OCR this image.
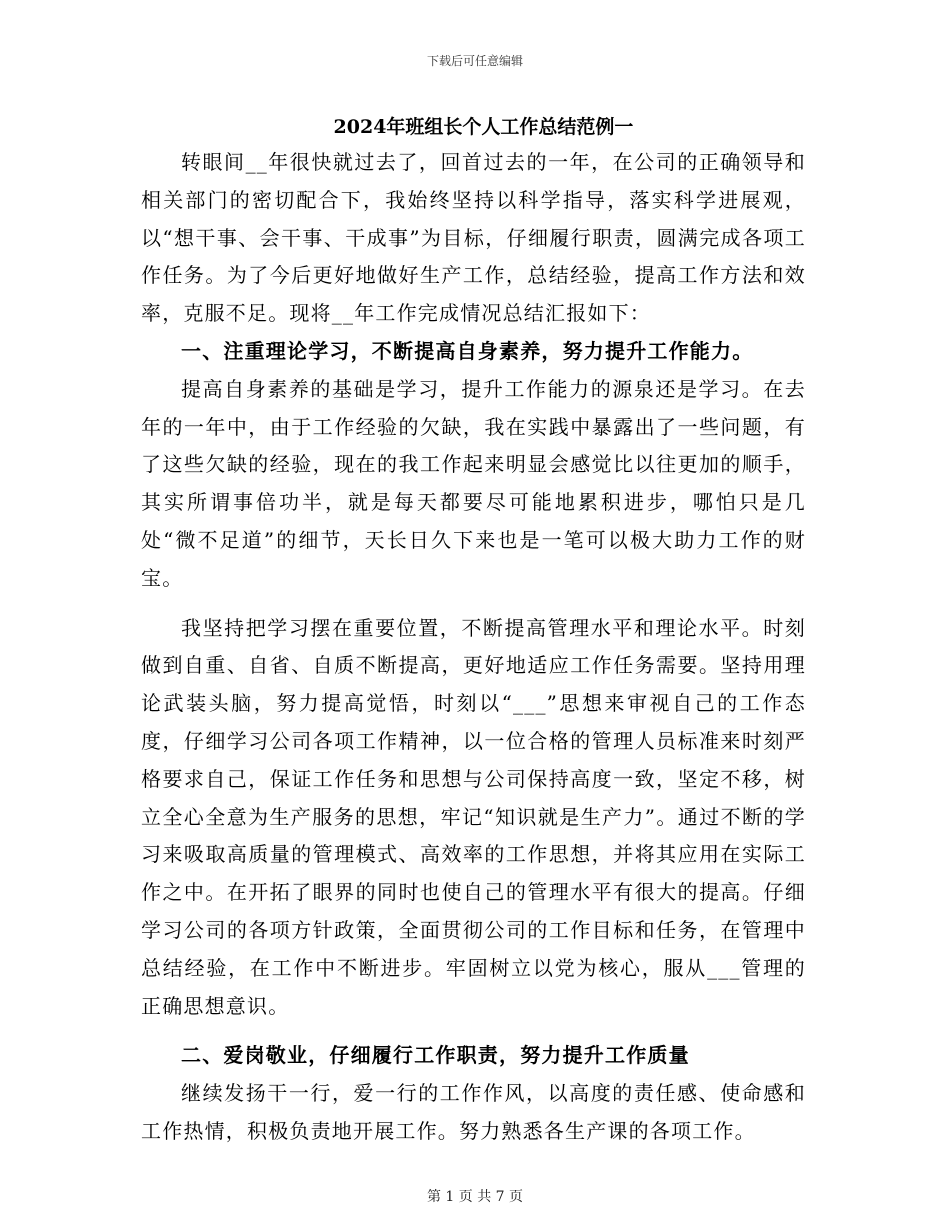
下载后可任意编辑
2024年班组长个人工作总结范例一

转眼间__年很快就过去了，回首过去的一年，在公司的正确领导和相关部门的密切配合下，我始终坚持以科学指导，落实科学进展观，以“想干事、会干事、干成事”为目标，仔细履行职责，圆满完成各项工作任务。为了今后更好地做好生产工作，总结经验，提高工作方法和效率，克服不足。现将__年工作完成情况总结汇报如下：

一、注重理论学习，不断提高自身素养，努力提升工作能力。

提高自身素养的基础是学习，提升工作能力的源泉还是学习。在去年的一年中，由于工作经验的欠缺，我在实践中暴露出了一些问题，有了这些欠缺的经验，现在的我工作起来明显会感觉比以往更加的顺手，其实所谓事倍功半，就是每天都要尽可能地累积进步，哪怕只是几处“微不足道”的细节，天长日久下来也是一笔可以极大助力工作的财宝。

我坚持把学习摆在重要位置，不断提高管理水平和理论水平。时刻做到自重、自省、自质不断提高，更好地适应工作任务需要。坚持用理论武装头脑，努力提高觉悟，时刻以“___”思想来审视自己的工作态度，仔细学习公司各项工作精神，以一位合格的管理人员标准来时刻严格要求自己，保证工作任务和思想与公司保持高度一致，坚定不移，树立全心全意为生产服务的思想，牢记“知识就是生产力”。通过不断的学习来吸取高质量的管理模式、高效率的工作思想，并将其应用在实际工作之中。在开拓了眼界的同时也使自己的管理水平有很大的提高。仔细学习公司的各项方针政策，全面贯彻公司的工作目标和任务，在管理中总结经验，在工作中不断进步。牢固树立以党为核心，服从___管理的正确思想意识。

二、爱岗敬业，仔细履行工作职责，努力提升工作质量

继续发扬干一行，爱一行的工作作风，以高度的责任感、使命感和工作热情，积极负责地开展工作。努力熟悉各生产课的各项工作。

第 1 页 共 7 页
